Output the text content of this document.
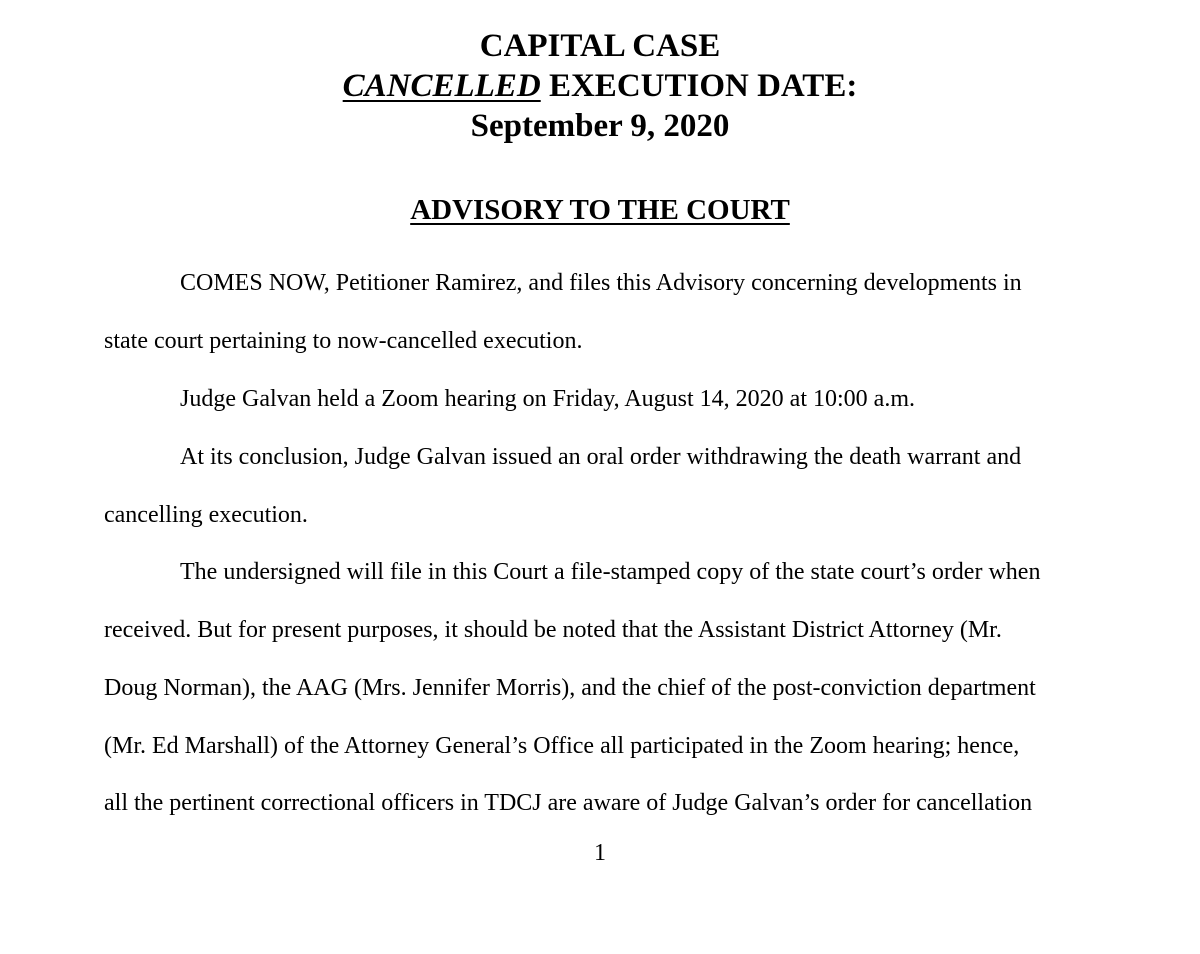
CAPITAL CASE
CANCELLED EXECUTION DATE:
September 9, 2020
ADVISORY TO THE COURT
COMES NOW, Petitioner Ramirez, and files this Advisory concerning developments in
state court pertaining to now-cancelled execution.
Judge Galvan held a Zoom hearing on Friday, August 14, 2020 at 10:00 a.m.
At its conclusion, Judge Galvan issued an oral order withdrawing the death warrant and
cancelling execution.
The undersigned will file in this Court a file-stamped copy of the state court’s order when
received. But for present purposes, it should be noted that the Assistant District Attorney (Mr.
Doug Norman), the AAG (Mrs. Jennifer Morris), and the chief of the post-conviction department
(Mr. Ed Marshall) of the Attorney General’s Office all participated in the Zoom hearing; hence,
all the pertinent correctional officers in TDCJ are aware of Judge Galvan’s order for cancellation
1
